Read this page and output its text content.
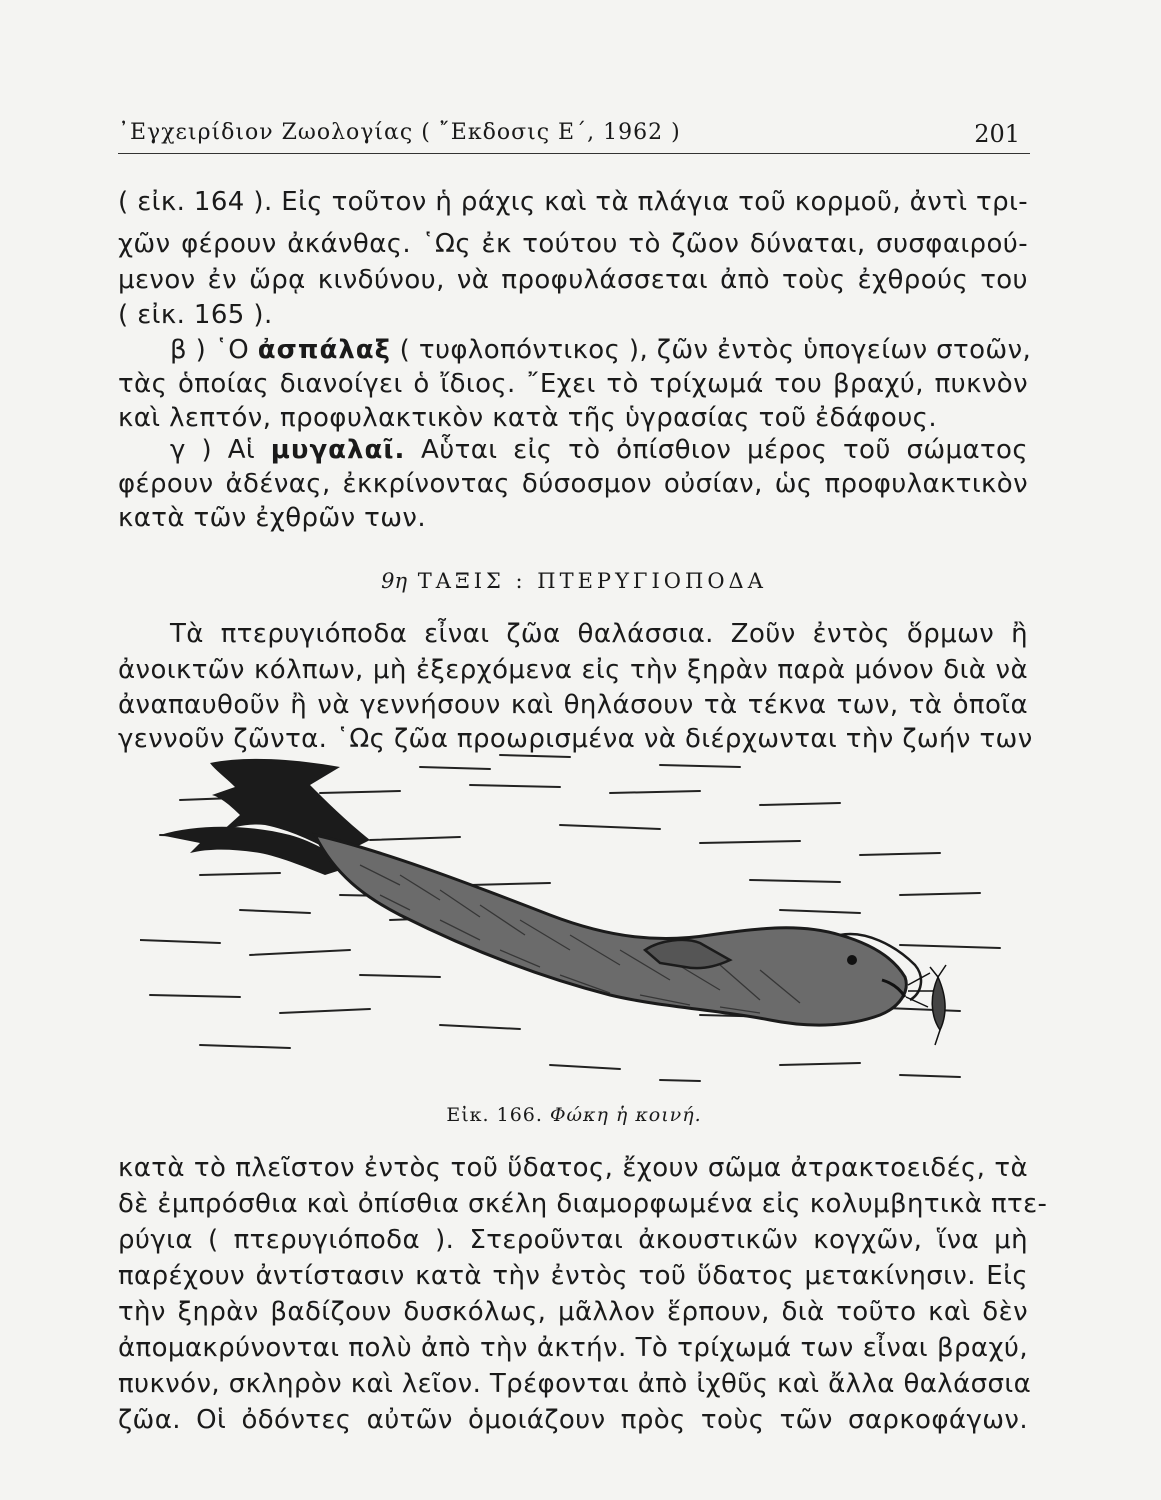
᾿Εγχειρίδιον Ζωολογίας ( ῎Εκδοσις Ε΄, 1962 )	201
( εἰκ. 164 ). Εἰς τοῦτον ἡ ράχις καὶ τὰ πλάγια τοῦ κορμοῦ, ἀντὶ τρι-
χῶν φέρουν ἀκάνθας. ῾Ως ἐκ τούτου τὸ ζῶον δύναται, συσφαιρού-
μενον ἐν ὥρᾳ κινδύνου, νὰ προφυλάσσεται ἀπὸ τοὺς ἐχθρούς του
( εἰκ. 165 ).
β ) ῾Ο ἀσπάλαξ ( τυφλοπόντικος ), ζῶν ἐντὸς ὑπογείων στοῶν,
τὰς ὁποίας διανοίγει ὁ ἴδιος. ῎Εχει τὸ τρίχωμά του βραχύ, πυκνὸν
καὶ λεπτόν, προφυλακτικὸν κατὰ τῆς ὑγρασίας τοῦ ἐδάφους.
γ ) Αἱ μυγαλαῖ. Αὗται εἰς τὸ ὀπίσθιον μέρος τοῦ σώματος
φέρουν ἀδένας, ἐκκρίνοντας δύσοσμον οὐσίαν, ὡς προφυλακτικὸν
κατὰ τῶν ἐχθρῶν των.
9η ΤΑΞΙΣ : ΠΤΕΡΥΓΙΟΠΟΔΑ
Τὰ πτερυγιόποδα εἶναι ζῶα θαλάσσια. Ζοῦν ἐντὸς ὅρμων ἢ
ἀνοικτῶν κόλπων, μὴ ἐξερχόμενα εἰς τὴν ξηρὰν παρὰ μόνον διὰ νὰ
ἀναπαυθοῦν ἢ νὰ γεννήσουν καὶ θηλάσουν τὰ τέκνα των, τὰ ὁποῖα
γεννοῦν ζῶντα. ῾Ως ζῶα προωρισμένα νὰ διέρχωνται τὴν ζωήν των
Εἰκ. 166. Φώκη ἡ κοινή.
κατὰ τὸ πλεῖστον ἐντὸς τοῦ ὕδατος, ἔχουν σῶμα ἀτρακτοειδές, τὰ
δὲ ἐμπρόσθια καὶ ὀπίσθια σκέλη διαμορφωμένα εἰς κολυμβητικὰ πτε-
ρύγια ( πτερυγιόποδα ). Στεροῦνται ἀκουστικῶν κογχῶν, ἵνα μὴ
παρέχουν ἀντίστασιν κατὰ τὴν ἐντὸς τοῦ ὕδατος μετακίνησιν. Εἰς
τὴν ξηρὰν βαδίζουν δυσκόλως, μᾶλλον ἕρπουν, διὰ τοῦτο καὶ δὲν
ἀπομακρύνονται πολὺ ἀπὸ τὴν ἀκτήν. Τὸ τρίχωμά των εἶναι βραχύ,
πυκνόν, σκληρὸν καὶ λεῖον. Τρέφονται ἀπὸ ἰχθῦς καὶ ἄλλα θαλάσσια
ζῶα. Οἱ ὀδόντες αὐτῶν ὁμοιάζουν πρὸς τοὺς τῶν σαρκοφάγων.
